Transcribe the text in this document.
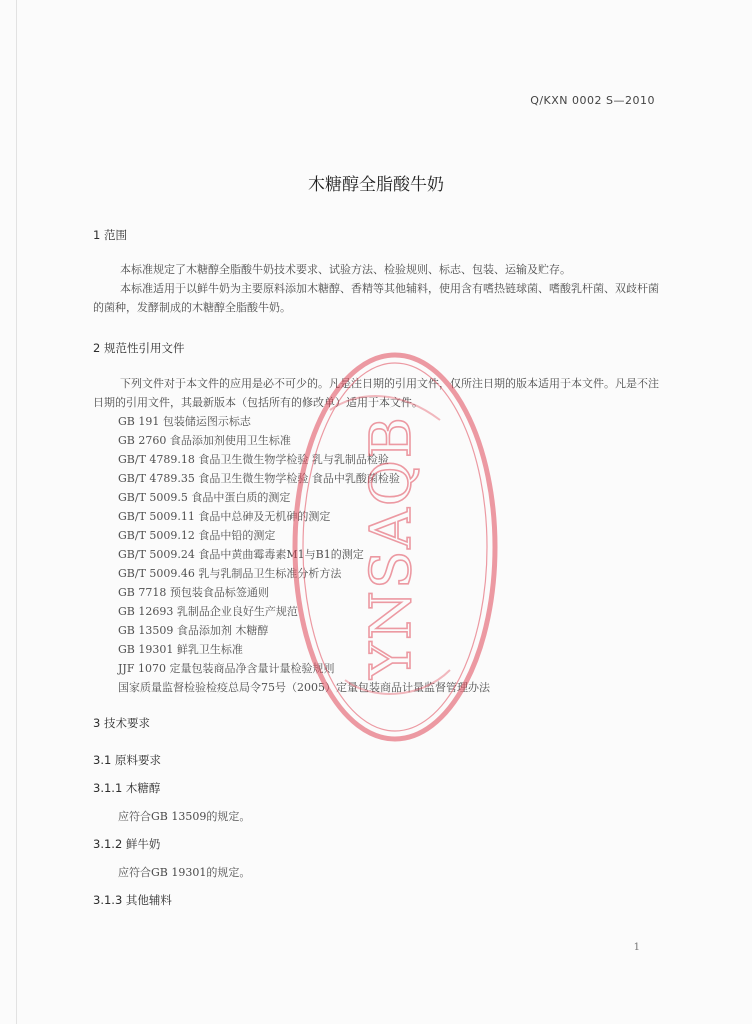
Q/KXN 0002 S—2010
木糖醇全脂酸牛奶
1 范围
本标准规定了木糖醇全脂酸牛奶技术要求、试验方法、检验规则、标志、包装、运输及贮存。
本标准适用于以鲜牛奶为主要原料添加木糖醇、香精等其他辅料，使用含有嗜热链球菌、嗜酸乳杆菌、双歧杆菌的菌种，发酵制成的木糖醇全脂酸牛奶。
2 规范性引用文件
下列文件对于本文件的应用是必不可少的。凡是注日期的引用文件，仅所注日期的版本适用于本文件。凡是不注日期的引用文件，其最新版本（包括所有的修改单）适用于本文件。
GB 191 包装储运图示标志
GB 2760 食品添加剂使用卫生标准
GB/T 4789.18 食品卫生微生物学检验 乳与乳制品检验
GB/T 4789.35 食品卫生微生物学检验 食品中乳酸菌检验
GB/T 5009.5 食品中蛋白质的测定
GB/T 5009.11 食品中总砷及无机砷的测定
GB/T 5009.12 食品中铅的测定
GB/T 5009.24 食品中黄曲霉毒素M1与B1的测定
GB/T 5009.46 乳与乳制品卫生标准分析方法
GB 7718 预包装食品标签通则
GB 12693 乳制品企业良好生产规范
GB 13509 食品添加剂 木糖醇
GB 19301 鲜乳卫生标准
JJF 1070 定量包装商品净含量计量检验规则
国家质量监督检验检疫总局令75号（2005）定量包装商品计量监督管理办法
3 技术要求
3.1 原料要求
3.1.1 木糖醇
应符合GB 13509的规定。
3.1.2 鲜牛奶
应符合GB 19301的规定。
3.1.3 其他辅料
1
YNSAQB
